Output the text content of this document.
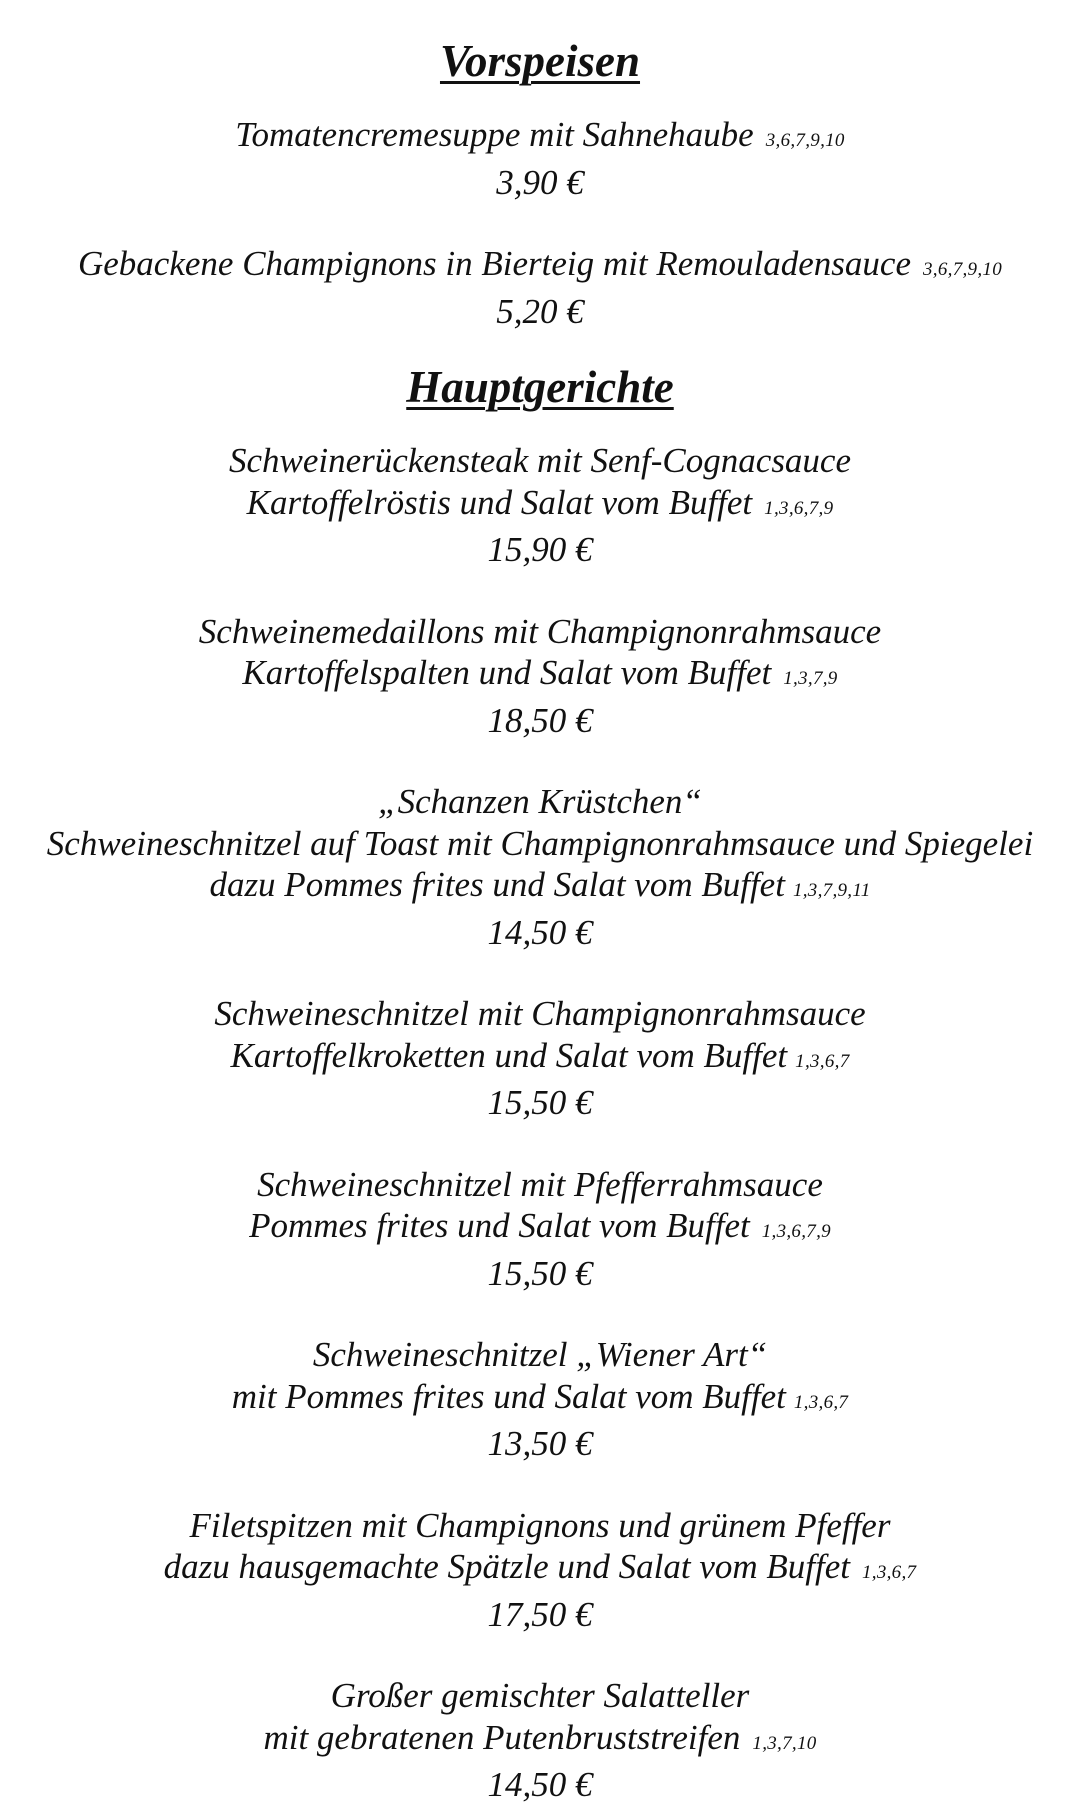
Vorspeisen
Tomatencremesuppe mit Sahnehaube 3,6,7,9,10
3,90 €
Gebackene Champignons in Bierteig mit Remouladensauce 3,6,7,9,10
5,20 €
Hauptgerichte
Schweinerückensteak mit Senf-Cognacsauce
Kartoffelröstis und Salat vom Buffet 1,3,6,7,9
15,90 €
Schweinemedaillons mit Champignonrahmsauce
Kartoffelspalten und Salat vom Buffet 1,3,7,9
18,50 €
„Schanzen Krüstchen“
Schweineschnitzel auf Toast mit Champignonrahmsauce und Spiegelei
dazu Pommes frites und Salat vom Buffet 1,3,7,9,11
14,50 €
Schweineschnitzel mit Champignonrahmsauce
Kartoffelkroketten und Salat vom Buffet 1,3,6,7
15,50 €
Schweineschnitzel mit Pfefferrahmsauce
Pommes frites und Salat vom Buffet 1,3,6,7,9
15,50 €
Schweineschnitzel „Wiener Art“
mit Pommes frites und Salat vom Buffet 1,3,6,7
13,50 €
Filetspitzen mit Champignons und grünem Pfeffer
dazu hausgemachte Spätzle und Salat vom Buffet 1,3,6,7
17,50 €
Großer gemischter Salatteller
mit gebratenen Putenbruststreifen 1,3,7,10
14,50 €
